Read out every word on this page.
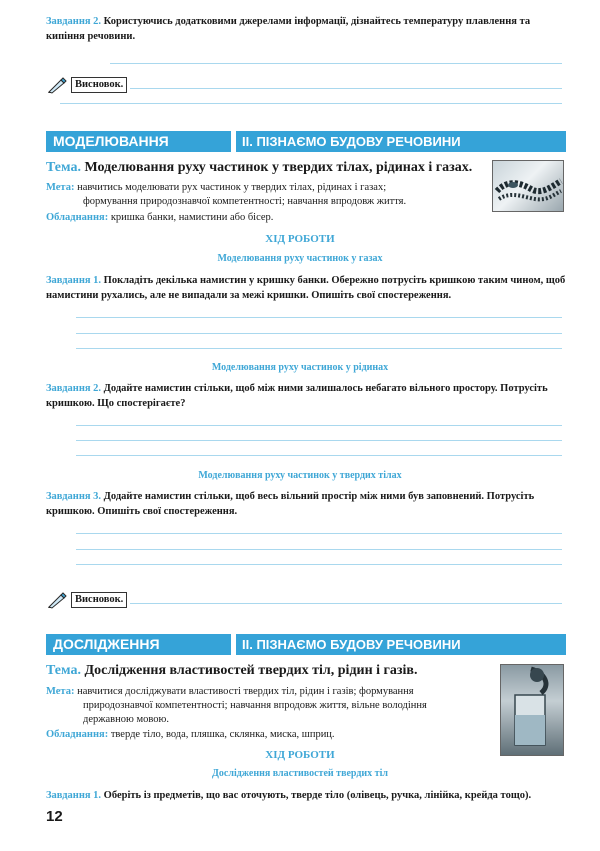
Завдання 2. Користуючись додатковими джерелами інформації, дізнайтесь температуру плавлення та кипіння речовини.
Висновок.
МОДЕЛЮВАННЯ	II. ПІЗНАЄМО БУДОВУ РЕЧОВИНИ
Тема. Моделювання руху частинок у твердих тілах, рідинах і газах.
Мета: навчитись моделювати рух частинок у твердих тілах, рідинах і газах;
формування природознавчої компетентності; навчання впродовж життя.
Обладнання: кришка банки, намистини або бісер.
ХІД РОБОТИ
Моделювання руху частинок у газах
Завдання 1. Покладіть декілька намистин у кришку банки. Обережно потрусіть кришкою таким чином, щоб намистини рухались, але не випадали за межі кришки. Опишіть свої спостереження.
Моделювання руху частинок у рідинах
Завдання 2. Додайте намистин стільки, щоб між ними залишалось небагато вільного простору. Потрусіть кришкою. Що спостерігаєте?
Моделювання руху частинок у твердих тілах
Завдання 3. Додайте намистин стільки, щоб весь вільний простір між ними був заповнений. Потрусіть кришкою. Опишіть свої спостереження.
Висновок.
ДОСЛІДЖЕННЯ	II. ПІЗНАЄМО БУДОВУ РЕЧОВИНИ
Тема. Дослідження властивостей твердих тіл, рідин і газів.
Мета: навчитися досліджувати властивості твердих тіл, рідин і газів; формування
природознавчої компетентності; навчання впродовж життя, вільне володіння
державною мовою.
Обладнання: тверде тіло, вода, пляшка, склянка, миска, шприц.
ХІД РОБОТИ
Дослідження властивостей твердих тіл
Завдання 1. Оберіть із предметів, що вас оточують, тверде тіло (олівець, ручка, лінійка, крейда тощо).
12
